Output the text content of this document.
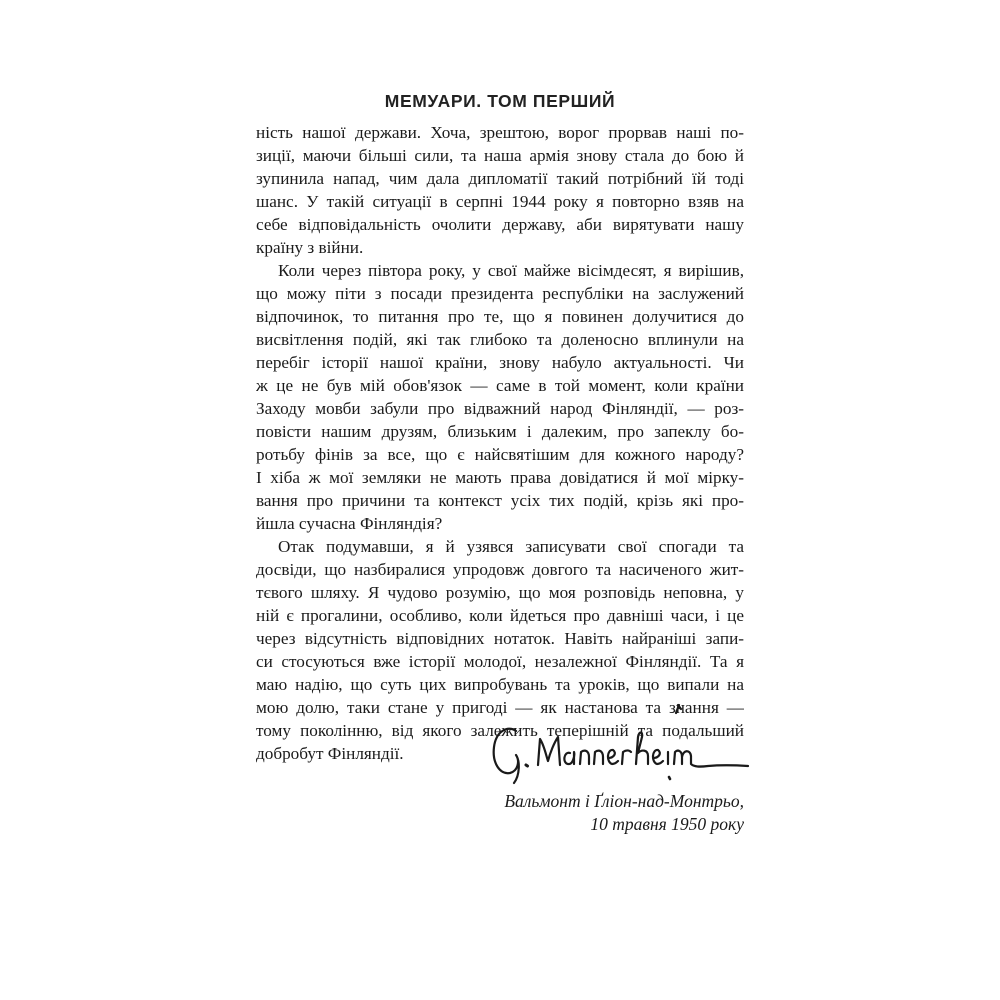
МЕМУАРИ. ТОМ ПЕРШИЙ
ність нашої держави. Хоча, зрештою, ворог прорвав наші по-
зиції, маючи більші сили, та наша армія знову стала до бою й
зупинила напад, чим дала дипломатії такий потрібний їй тоді
шанс. У такій ситуації в серпні 1944 року я повторно взяв на
себе відповідальність очолити державу, аби вирятувати нашу
країну з війни.
Коли через півтора року, у свої майже вісімдесят, я вирішив,
що можу піти з посади президента республіки на заслужений
відпочинок, то питання про те, що я повинен долучитися до
висвітлення подій, які так глибоко та доленосно вплинули на
перебіг історії нашої країни, знову набуло актуальності. Чи
ж це не був мій обов'язок — саме в той момент, коли країни
Заходу мовби забули про відважний народ Фінляндії, — роз-
повісти нашим друзям, близьким і далеким, про запеклу бо-
ротьбу фінів за все, що є найсвятішим для кожного народу?
І хіба ж мої земляки не мають права довідатися й мої мірку-
вання про причини та контекст усіх тих подій, крізь які про-
йшла сучасна Фінляндія?
Отак подумавши, я й узявся записувати свої спогади та
досвіди, що назбиралися упродовж довгого та насиченого жит-
тєвого шляху. Я чудово розумію, що моя розповідь неповна, у
ній є прогалини, особливо, коли йдеться про давніші часи, і це
через відсутність відповідних нотаток. Навіть найраніші запи-
си стосуються вже історії молодої, незалежної Фінляндії. Та я
маю надію, що суть цих випробувань та уроків, що випали на
мою долю, таки стане у пригоді — як настанова та знання —
тому поколінню, від якого залежить теперішній та подальший
добробут Фінляндії.
Вальмонт і Ґліон-над-Монтрьо,
10 травня 1950 року
